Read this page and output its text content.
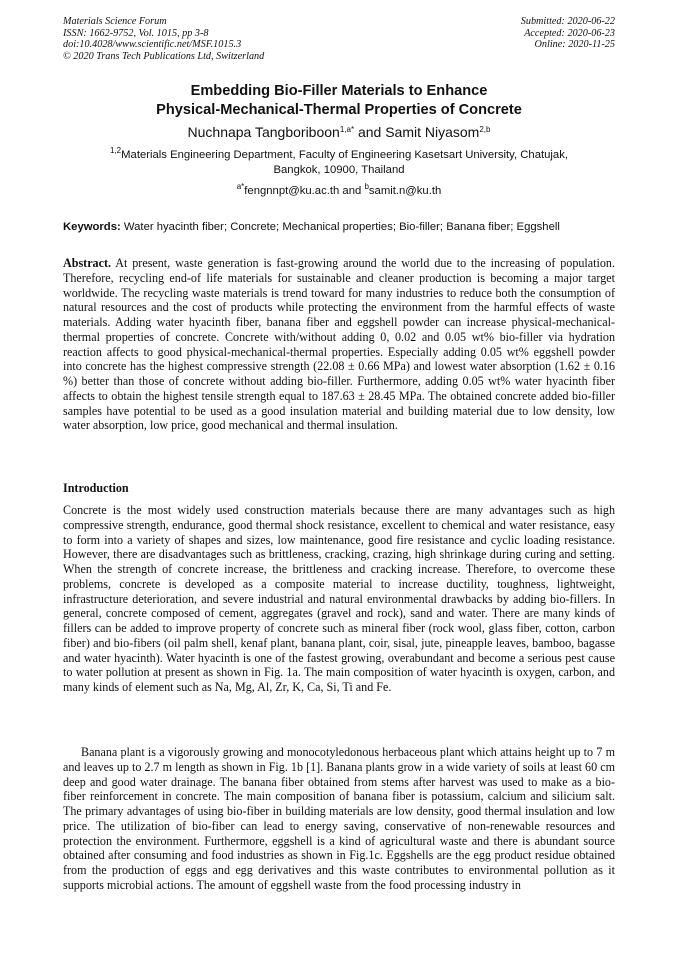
Materials Science Forum
ISSN: 1662-9752, Vol. 1015, pp 3-8
doi:10.4028/www.scientific.net/MSF.1015.3
© 2020 Trans Tech Publications Ltd, Switzerland
Submitted: 2020-06-22
Accepted: 2020-06-23
Online: 2020-11-25
Embedding Bio-Filler Materials to Enhance
Physical-Mechanical-Thermal Properties of Concrete
Nuchnapa Tangboriboon$^{1,a*}$ and Samit Niyasom$^{2,b}$
$^{1,2}$Materials Engineering Department, Faculty of Engineering Kasetsart University, Chatujak,
Bangkok, 10900, Thailand
$^{a*}$fengnnpt@ku.ac.th and $^b$samit.n@ku.th
Keywords: Water hyacinth fiber; Concrete; Mechanical properties; Bio-filler; Banana fiber; Eggshell
Abstract. At present, waste generation is fast-growing around the world due to the increasing of population. Therefore, recycling end-of life materials for sustainable and cleaner production is becoming a major target worldwide. The recycling waste materials is trend toward for many industries to reduce both the consumption of natural resources and the cost of products while protecting the environment from the harmful effects of waste materials. Adding water hyacinth fiber, banana fiber and eggshell powder can increase physical-mechanical-thermal properties of concrete. Concrete with/without adding 0, 0.02 and 0.05 wt% bio-filler via hydration reaction affects to good physical-mechanical-thermal properties. Especially adding 0.05 wt% eggshell powder into concrete has the highest compressive strength (22.08 ± 0.66 MPa) and lowest water absorption (1.62 ± 0.16 %) better than those of concrete without adding bio-filler. Furthermore, adding 0.05 wt% water hyacinth fiber affects to obtain the highest tensile strength equal to 187.63 ± 28.45 MPa. The obtained concrete added bio-filler samples have potential to be used as a good insulation material and building material due to low density, low water absorption, low price, good mechanical and thermal insulation.
Introduction
Concrete is the most widely used construction materials because there are many advantages such as high compressive strength, endurance, good thermal shock resistance, excellent to chemical and water resistance, easy to form into a variety of shapes and sizes, low maintenance, good fire resistance and cyclic loading resistance. However, there are disadvantages such as brittleness, cracking, crazing, high shrinkage during curing and setting. When the strength of concrete increase, the brittleness and cracking increase. Therefore, to overcome these problems, concrete is developed as a composite material to increase ductility, toughness, lightweight, infrastructure deterioration, and severe industrial and natural environmental drawbacks by adding bio-fillers. In general, concrete composed of cement, aggregates (gravel and rock), sand and water. There are many kinds of fillers can be added to improve property of concrete such as mineral fiber (rock wool, glass fiber, cotton, carbon fiber) and bio-fibers (oil palm shell, kenaf plant, banana plant, coir, sisal, jute, pineapple leaves, bamboo, bagasse and water hyacinth). Water hyacinth is one of the fastest growing, overabundant and become a serious pest cause to water pollution at present as shown in Fig. 1a. The main composition of water hyacinth is oxygen, carbon, and many kinds of element such as Na, Mg, Al, Zr, K, Ca, Si, Ti and Fe.
Banana plant is a vigorously growing and monocotyledonous herbaceous plant which attains height up to 7 m and leaves up to 2.7 m length as shown in Fig. 1b [1]. Banana plants grow in a wide variety of soils at least 60 cm deep and good water drainage. The banana fiber obtained from stems after harvest was used to make as a bio-fiber reinforcement in concrete. The main composition of banana fiber is potassium, calcium and silicium salt. The primary advantages of using bio-fiber in building materials are low density, good thermal insulation and low price. The utilization of bio-fiber can lead to energy saving, conservative of non-renewable resources and protection the environment. Furthermore, eggshell is a kind of agricultural waste and there is abundant source obtained after consuming and food industries as shown in Fig.1c. Eggshells are the egg product residue obtained from the production of eggs and egg derivatives and this waste contributes to environmental pollution as it supports microbial actions. The amount of eggshell waste from the food processing industry in
